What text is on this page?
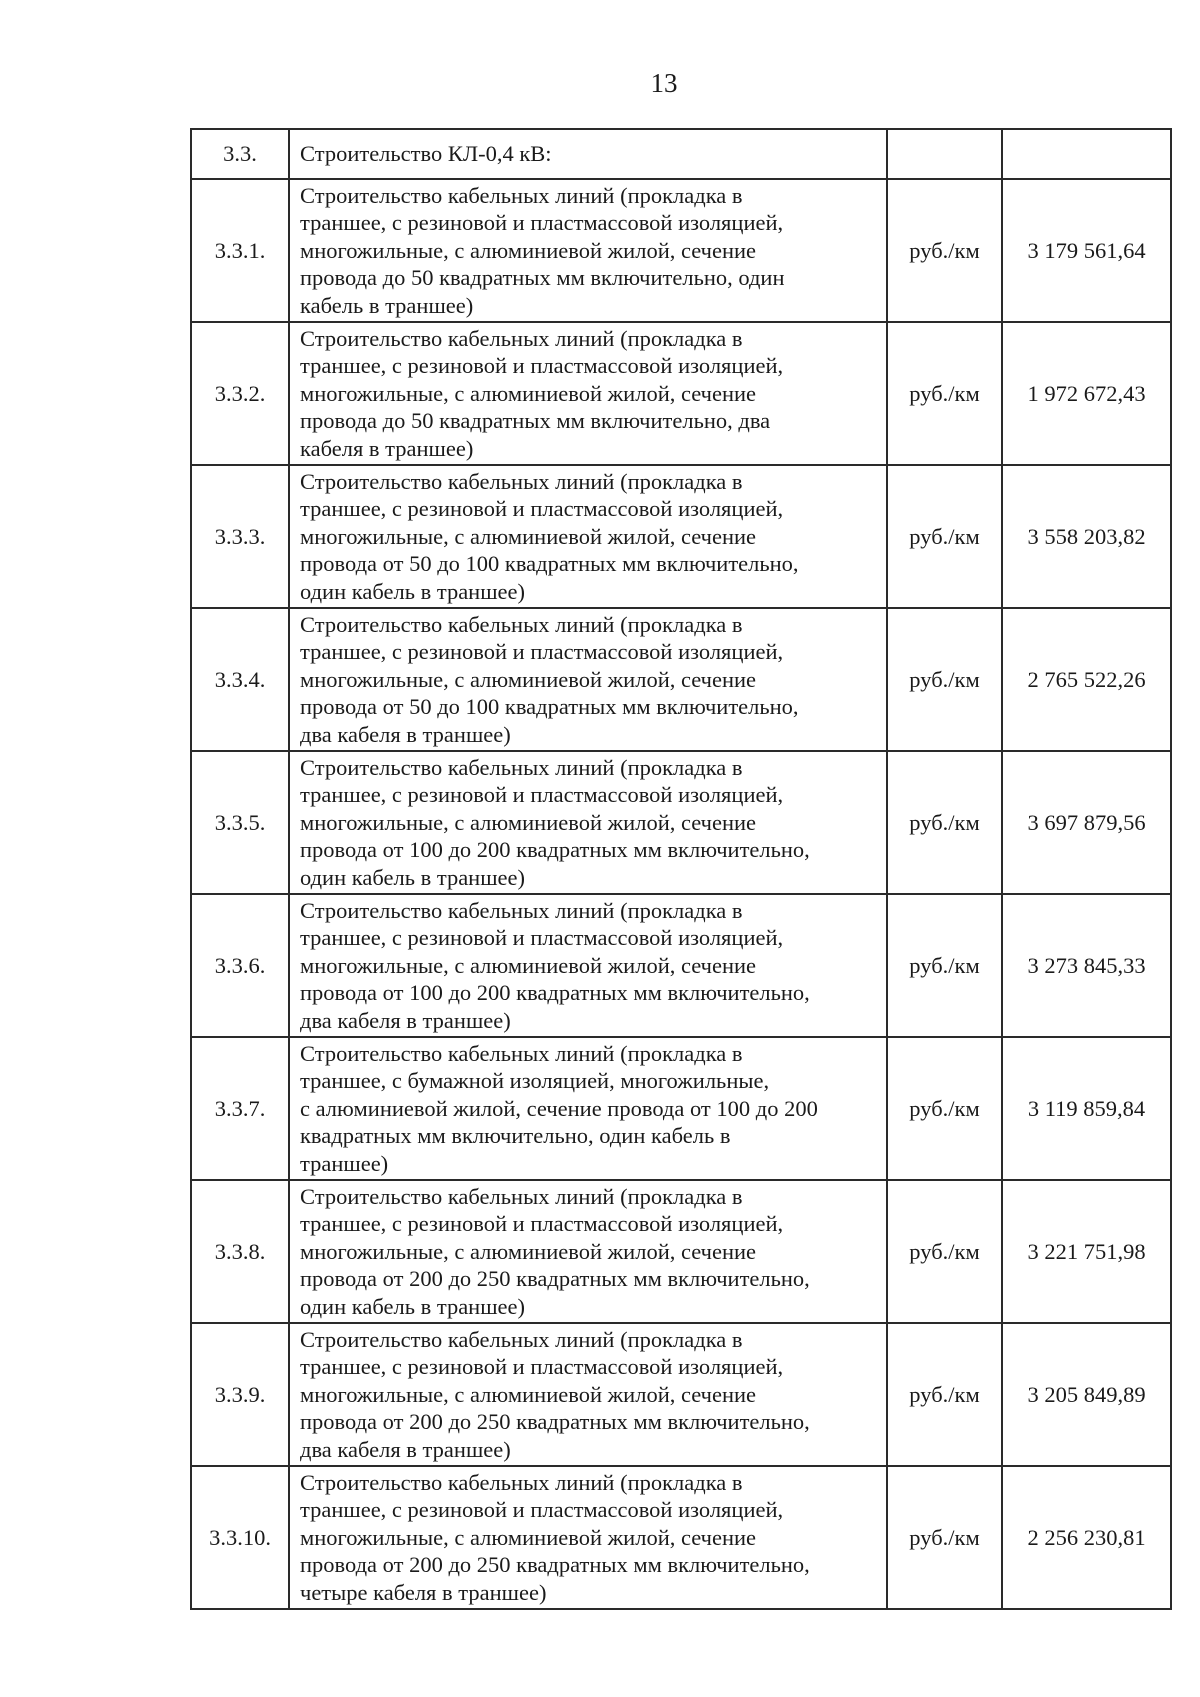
13
3.3.	Строительство КЛ-0,4 кВ:		
3.3.1.	Строительство кабельных линий (прокладка в
траншее, с резиновой и пластмассовой изоляцией,
многожильные, с алюминиевой жилой, сечение
провода до 50 квадратных мм включительно, один
кабель в траншее)	руб./км	3 179 561,64
3.3.2.	Строительство кабельных линий (прокладка в
траншее, с резиновой и пластмассовой изоляцией,
многожильные, с алюминиевой жилой, сечение
провода до 50 квадратных мм включительно, два
кабеля в траншее)	руб./км	1 972 672,43
3.3.3.	Строительство кабельных линий (прокладка в
траншее, с резиновой и пластмассовой изоляцией,
многожильные, с алюминиевой жилой, сечение
провода от 50 до 100 квадратных мм включительно,
один кабель в траншее)	руб./км	3 558 203,82
3.3.4.	Строительство кабельных линий (прокладка в
траншее, с резиновой и пластмассовой изоляцией,
многожильные, с алюминиевой жилой, сечение
провода от 50 до 100 квадратных мм включительно,
два кабеля в траншее)	руб./км	2 765 522,26
3.3.5.	Строительство кабельных линий (прокладка в
траншее, с резиновой и пластмассовой изоляцией,
многожильные, с алюминиевой жилой, сечение
провода от 100 до 200 квадратных мм включительно,
один кабель в траншее)	руб./км	3 697 879,56
3.3.6.	Строительство кабельных линий (прокладка в
траншее, с резиновой и пластмассовой изоляцией,
многожильные, с алюминиевой жилой, сечение
провода от 100 до 200 квадратных мм включительно,
два кабеля в траншее)	руб./км	3 273 845,33
3.3.7.	Строительство кабельных линий (прокладка в
траншее, с бумажной изоляцией, многожильные,
с алюминиевой жилой, сечение провода от 100 до 200
квадратных мм включительно, один кабель в
траншее)	руб./км	3 119 859,84
3.3.8.	Строительство кабельных линий (прокладка в
траншее, с резиновой и пластмассовой изоляцией,
многожильные, с алюминиевой жилой, сечение
провода от 200 до 250 квадратных мм включительно,
один кабель в траншее)	руб./км	3 221 751,98
3.3.9.	Строительство кабельных линий (прокладка в
траншее, с резиновой и пластмассовой изоляцией,
многожильные, с алюминиевой жилой, сечение
провода от 200 до 250 квадратных мм включительно,
два кабеля в траншее)	руб./км	3 205 849,89
3.3.10.	Строительство кабельных линий (прокладка в
траншее, с резиновой и пластмассовой изоляцией,
многожильные, с алюминиевой жилой, сечение
провода от 200 до 250 квадратных мм включительно,
четыре кабеля в траншее)	руб./км	2 256 230,81
